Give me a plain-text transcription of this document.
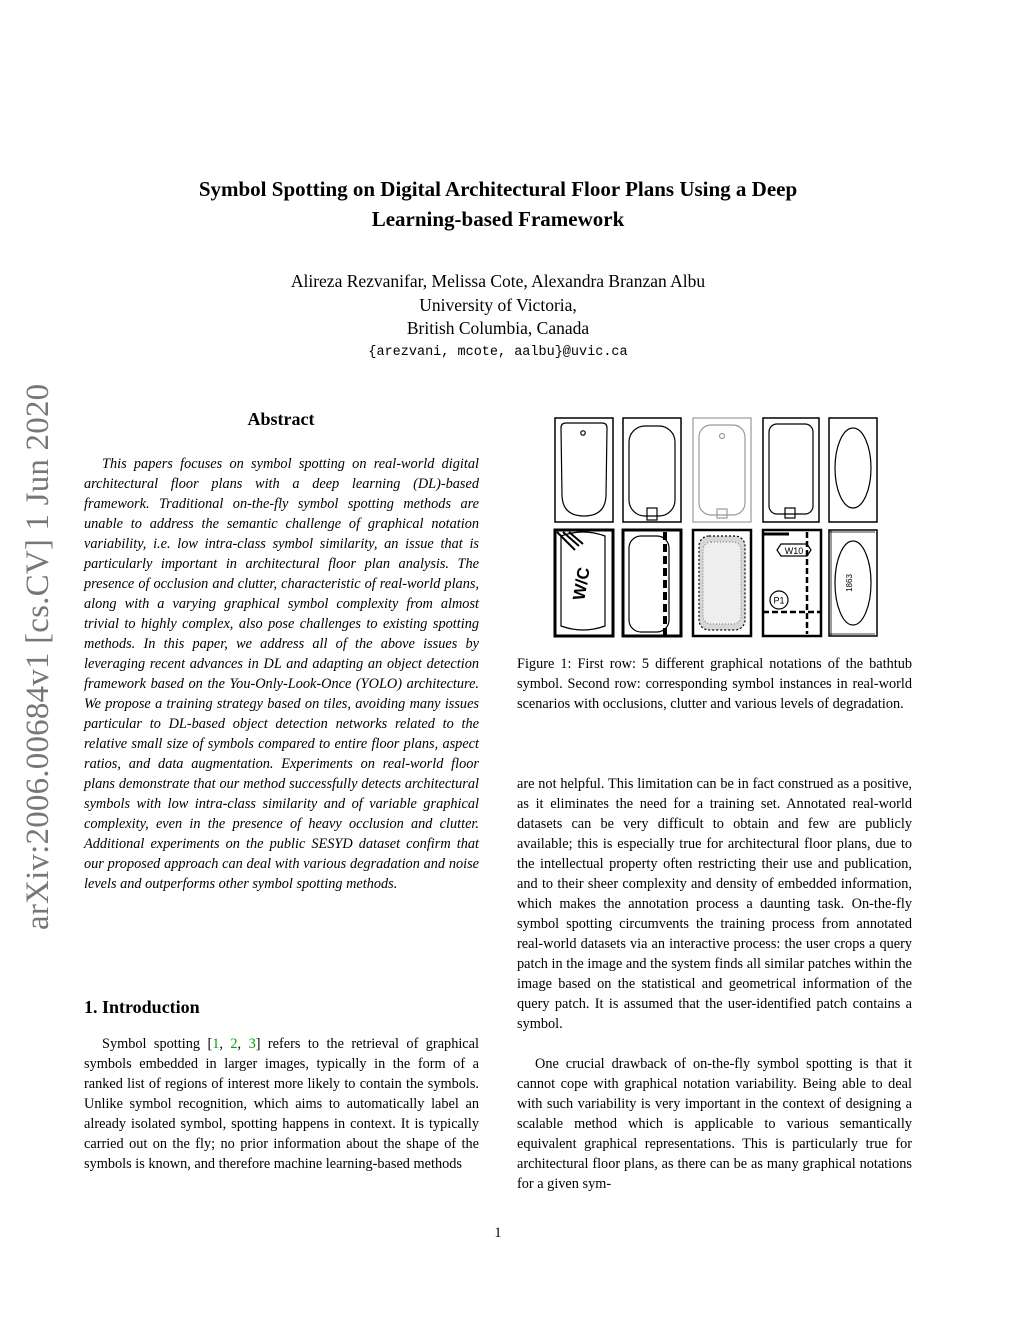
Symbol Spotting on Digital Architectural Floor Plans Using a Deep
Learning-based Framework
Alireza Rezvanifar, Melissa Cote, Alexandra Branzan Albu
University of Victoria,
British Columbia, Canada
{arezvani, mcote, aalbu}@uvic.ca
arXiv:2006.00684v1 [cs.CV] 1 Jun 2020	Abstract

This papers focuses on symbol spotting on real-world digital architectural floor plans with a deep learning (DL)-based framework. Traditional on-the-fly symbol spotting methods are unable to address the semantic challenge of graphical notation variability, i.e. low intra-class symbol similarity, an issue that is particularly important in architectural floor plan analysis. The presence of occlusion and clutter, characteristic of real-world plans, along with a varying graphical symbol complexity from almost trivial to highly complex, also pose challenges to existing spotting methods. In this paper, we address all of the above issues by leveraging recent advances in DL and adapting an object detection framework based on the You-Only-Look-Once (YOLO) architecture. We propose a training strategy based on tiles, avoiding many issues particular to DL-based object detection networks related to the relative small size of symbols compared to entire floor plans, aspect ratios, and data augmentation. Experiments on real-world floor plans demonstrate that our method successfully detects architectural symbols with low intra-class similarity and of variable graphical complexity, even in the presence of heavy occlusion and clutter. Additional experiments on the public SESYD dataset confirm that our proposed approach can deal with various degradation and noise levels and outperforms other symbol spotting methods.

1. Introduction

Symbol spotting [1, 2, 3] refers to the retrieval of graphical symbols embedded in larger images, typically in the form of a ranked list of regions of interest more likely to contain the symbols. Unlike symbol recognition, which aims to automatically label an already isolated symbol, spotting happens in context. It is typically carried out on the fly; no prior information about the shape of the symbols is known, and therefore machine learning-based methods

W/C
W10
P1
1863

Figure 1: First row: 5 different graphical notations of the bathtub symbol. Second row: corresponding symbol instances in real-world scenarios with occlusions, clutter and various levels of degradation.

are not helpful. This limitation can be in fact construed as a positive, as it eliminates the need for a training set. Annotated real-world datasets can be very difficult to obtain and few are publicly available; this is especially true for architectural floor plans, due to the intellectual property often restricting their use and publication, and to their sheer complexity and density of embedded information, which makes the annotation process a daunting task. On-the-fly symbol spotting circumvents the training process from annotated real-world datasets via an interactive process: the user crops a query patch in the image and the system finds all similar patches within the image based on the statistical and geometrical information of the query patch. It is assumed that the user-identified patch contains a symbol.

One crucial drawback of on-the-fly symbol spotting is that it cannot cope with graphical notation variability. Being able to deal with such variability is very important in the context of designing a scalable method which is applicable to various semantically equivalent graphical representations. This is particularly true for architectural floor plans, as there can be as many graphical notations for a given sym-

1
